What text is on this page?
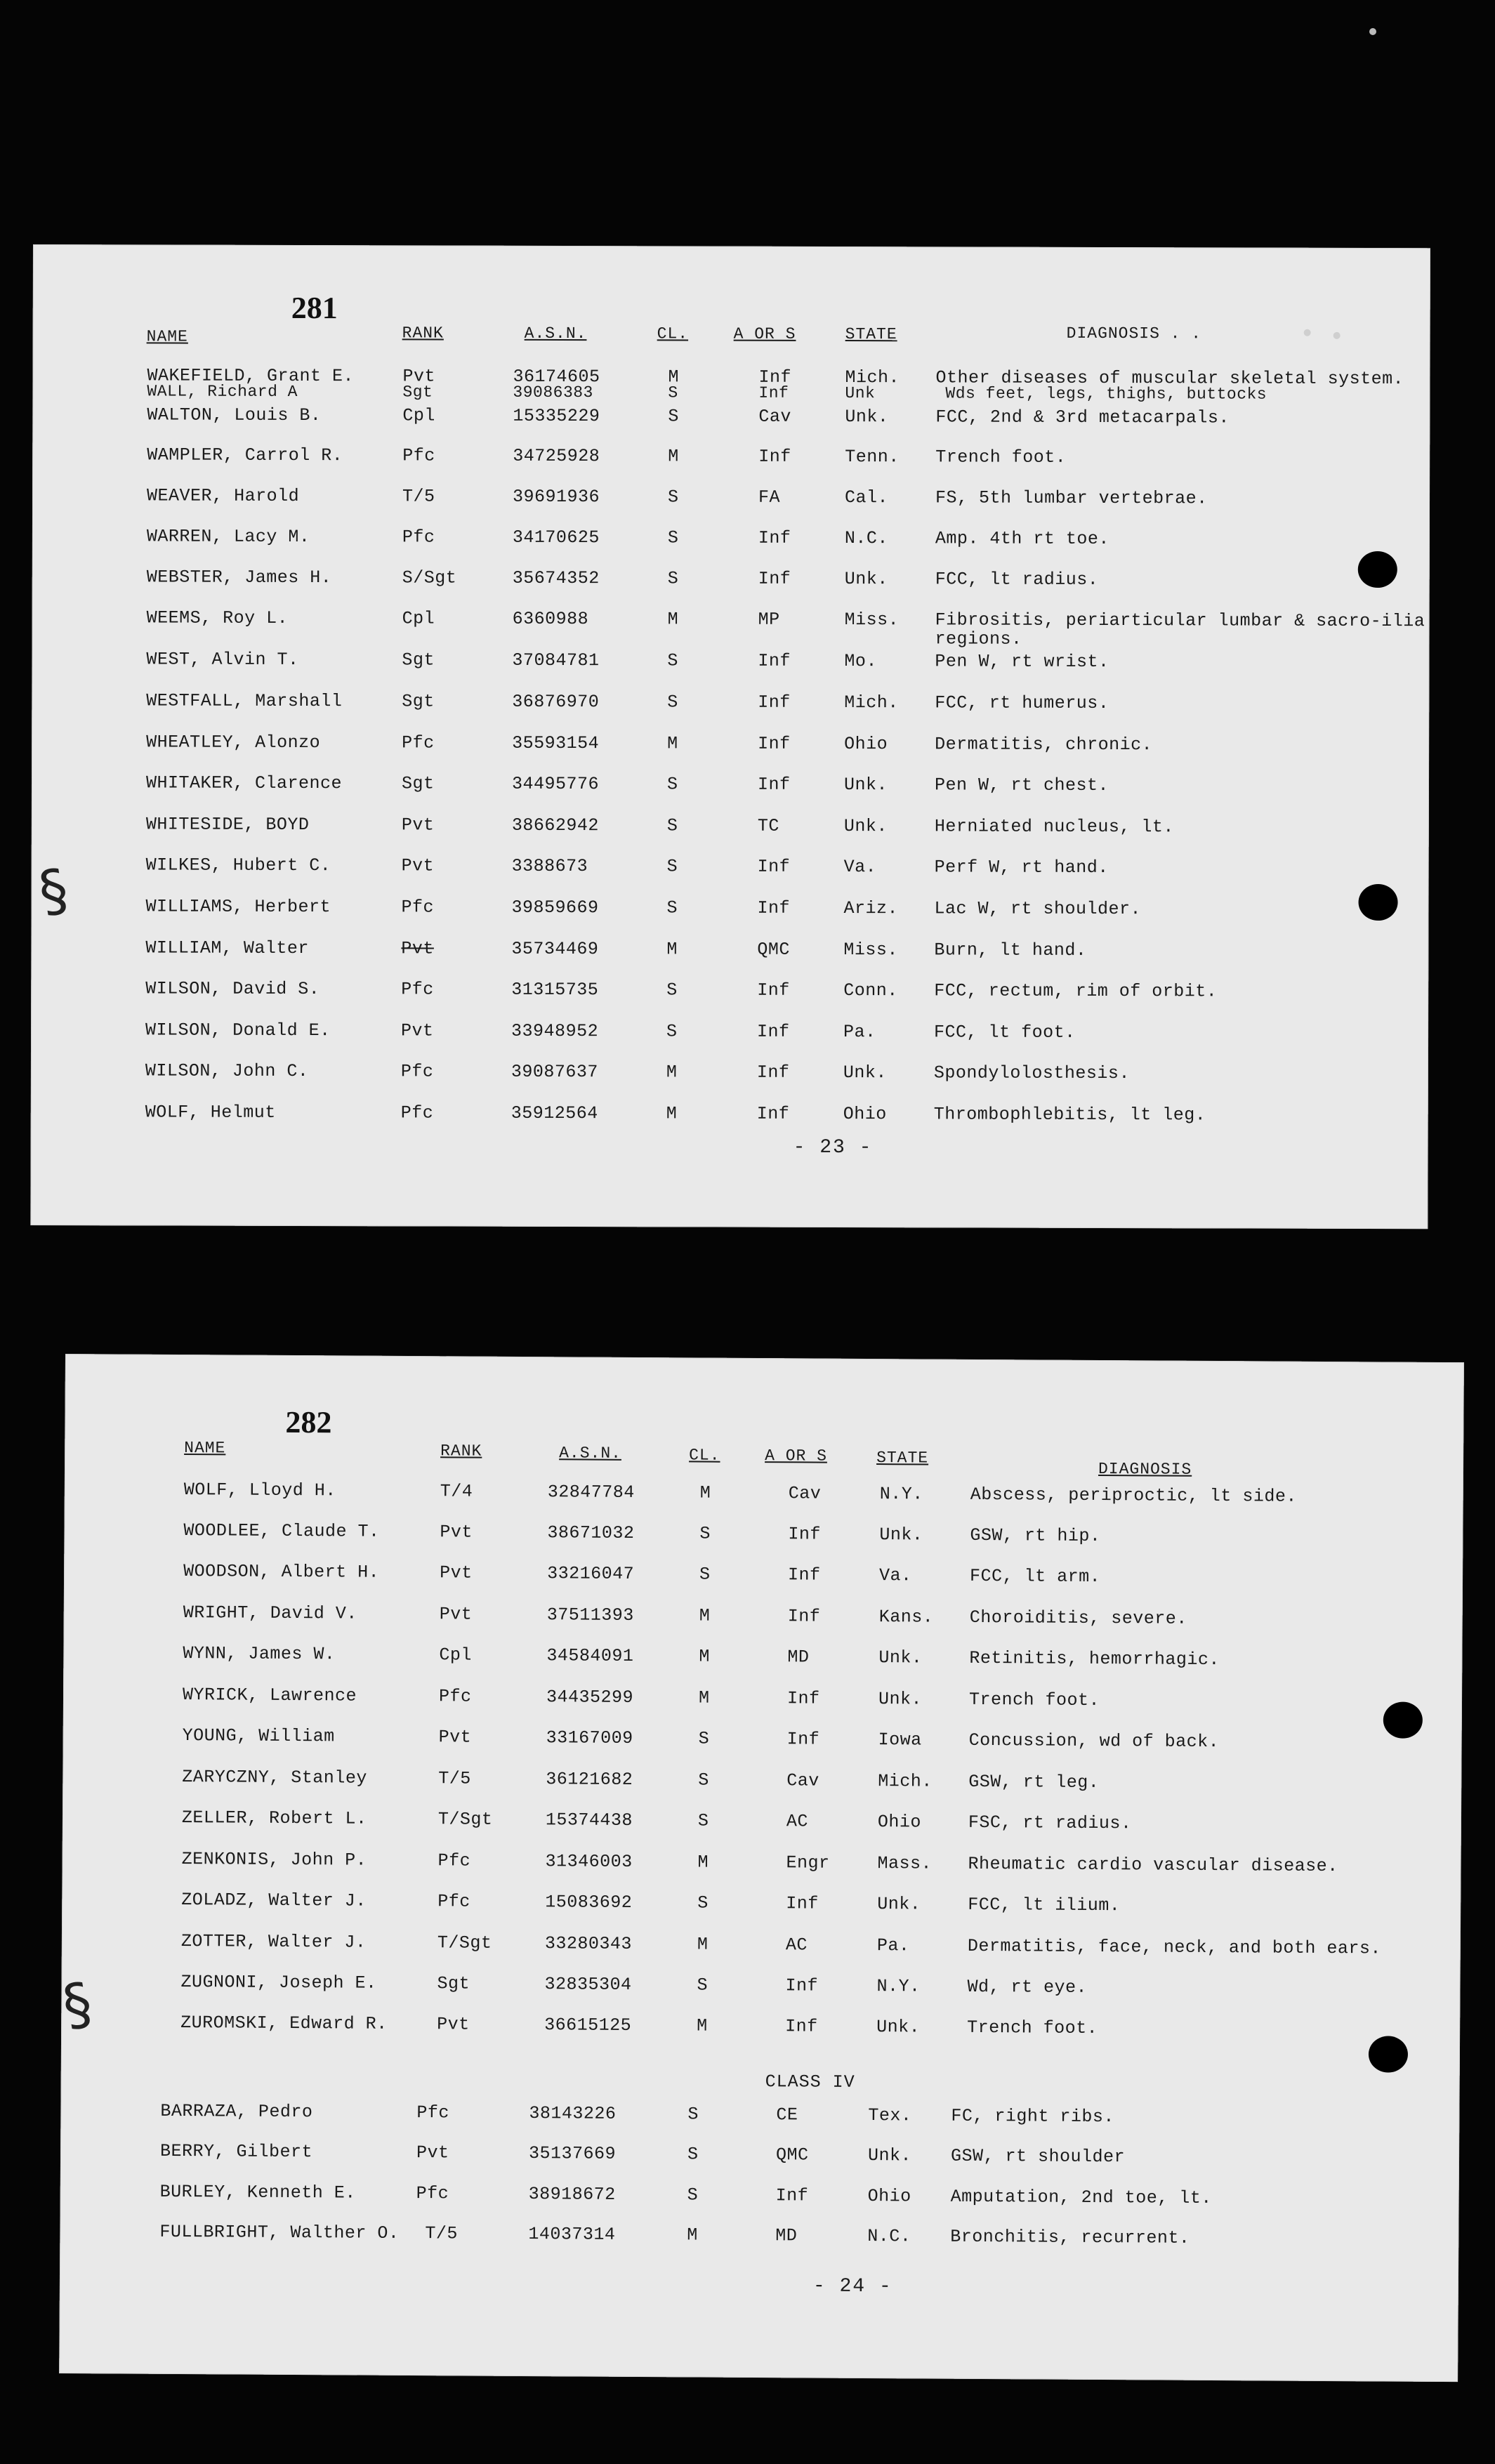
281
NAME	RANK	A.S.N.	CL.	A OR S	STATE	DIAGNOSIS . .
WAKEFIELD, Grant E.	Pvt	36174605	M	Inf	Mich. Other diseases of muscular skeletal system.
WALL, Richard A	Sgt	39086383	S	Inf	Unk	Wds feet, legs, thighs, buttocks
WALTON, Louis B.	Cpl	15335229	S	Cav	Unk.	FCC, 2nd & 3rd metacarpals.
WAMPLER, Carrol R.	Pfc	34725928	M	Inf	Tenn. Trench foot.
WEAVER, Harold	T/5	39691936	S	FA	Cal.	FS, 5th lumbar vertebrae.
WARREN, Lacy M.	Pfc	34170625	S	Inf	N.C.	Amp. 4th rt toe.
WEBSTER, James H.	S/Sgt	35674352	S	Inf	Unk.	FCC, lt radius.
WEEMS, Roy L.	Cpl	6360988	M	MP	Miss. Fibrositis, periarticular lumbar & sacro-ilia
regions.
WEST, Alvin T.	Sgt	37084781	S	Inf	Mo.	Pen W, rt wrist.
WESTFALL, Marshall	Sgt	36876970	S	Inf	Mich. FCC, rt humerus.
WHEATLEY, Alonzo	Pfc	35593154	M	Inf	Ohio	Dermatitis, chronic.
WHITAKER, Clarence	Sgt	34495776	S	Inf	Unk.	Pen W, rt chest.
WHITESIDE, BOYD	Pvt	38662942	S	TC	Unk.	Herniated nucleus, lt.
WILKES, Hubert C.	Pvt	3388673	S	Inf	Va.	Perf W, rt hand.
WILLIAMS, Herbert	Pfc	39859669	S	Inf	Ariz. Lac W, rt shoulder.
WILLIAM, Walter	Pvt	35734469	M	QMC	Miss. Burn, lt hand.
WILSON, David S.	Pfc	31315735	S	Inf	Conn. FCC, rectum, rim of orbit.
WILSON, Donald E.	Pvt	33948952	S	Inf	Pa.	FCC, lt foot.
WILSON, John C.	Pfc	39087637	M	Inf	Unk.	Spondylolosthesis.
WOLF, Helmut	Pfc	35912564	M	Inf	Ohio	Thrombophlebitis, lt leg.
- 23 -
§
282
NAME	RANK	A.S.N.	CL.	A OR S	STATE
DIAGNOSIS
WOLF, Lloyd H.	T/4	32847784	M	Cav	N.Y.	Abscess, periproctic, lt side.
WOODLEE, Claude T.	Pvt	38671032	S	Inf	Unk.	GSW, rt hip.
WOODSON, Albert H.	Pvt	33216047	S	Inf	Va.	FCC, lt arm.
WRIGHT, David V.	Pvt	37511393	M	Inf	Kans. Choroiditis, severe.
WYNN, James W.	Cpl	34584091	M	MD	Unk.	Retinitis, hemorrhagic.
WYRICK, Lawrence	Pfc	34435299	M	Inf	Unk.	Trench foot.
YOUNG, William	Pvt	33167009	S	Inf	Iowa	Concussion, wd of back.
ZARYCZNY, Stanley	T/5	36121682	S	Cav	Mich. GSW, rt leg.
ZELLER, Robert L.	T/Sgt	15374438	S	AC	Ohio	FSC, rt radius.
ZENKONIS, John P.	Pfc	31346003	M	Engr	Mass. Rheumatic cardio vascular disease.
ZOLADZ, Walter J.	Pfc	15083692	S	Inf	Unk.	FCC, lt ilium.
ZOTTER, Walter J.	T/Sgt	33280343	M	AC	Pa.	Dermatitis, face, neck, and both ears.
ZUGNONI, Joseph E.	Sgt	32835304	S	Inf	N.Y.	Wd, rt eye.
ZUROMSKI, Edward R.	Pvt	36615125	M	Inf	Unk.	Trench foot.
CLASS IV
BARRAZA, Pedro	Pfc	38143226	S	CE	Tex. FC, right ribs.
BERRY, Gilbert	Pvt	35137669	S	QMC	Unk. GSW, rt shoulder
BURLEY, Kenneth E.	Pfc	38918672	S	Inf	Ohio Amputation, 2nd toe, lt.
FULLBRIGHT, Walther O. T/5	14037314	M	MD	N.C. Bronchitis, recurrent.
- 24 -
§
